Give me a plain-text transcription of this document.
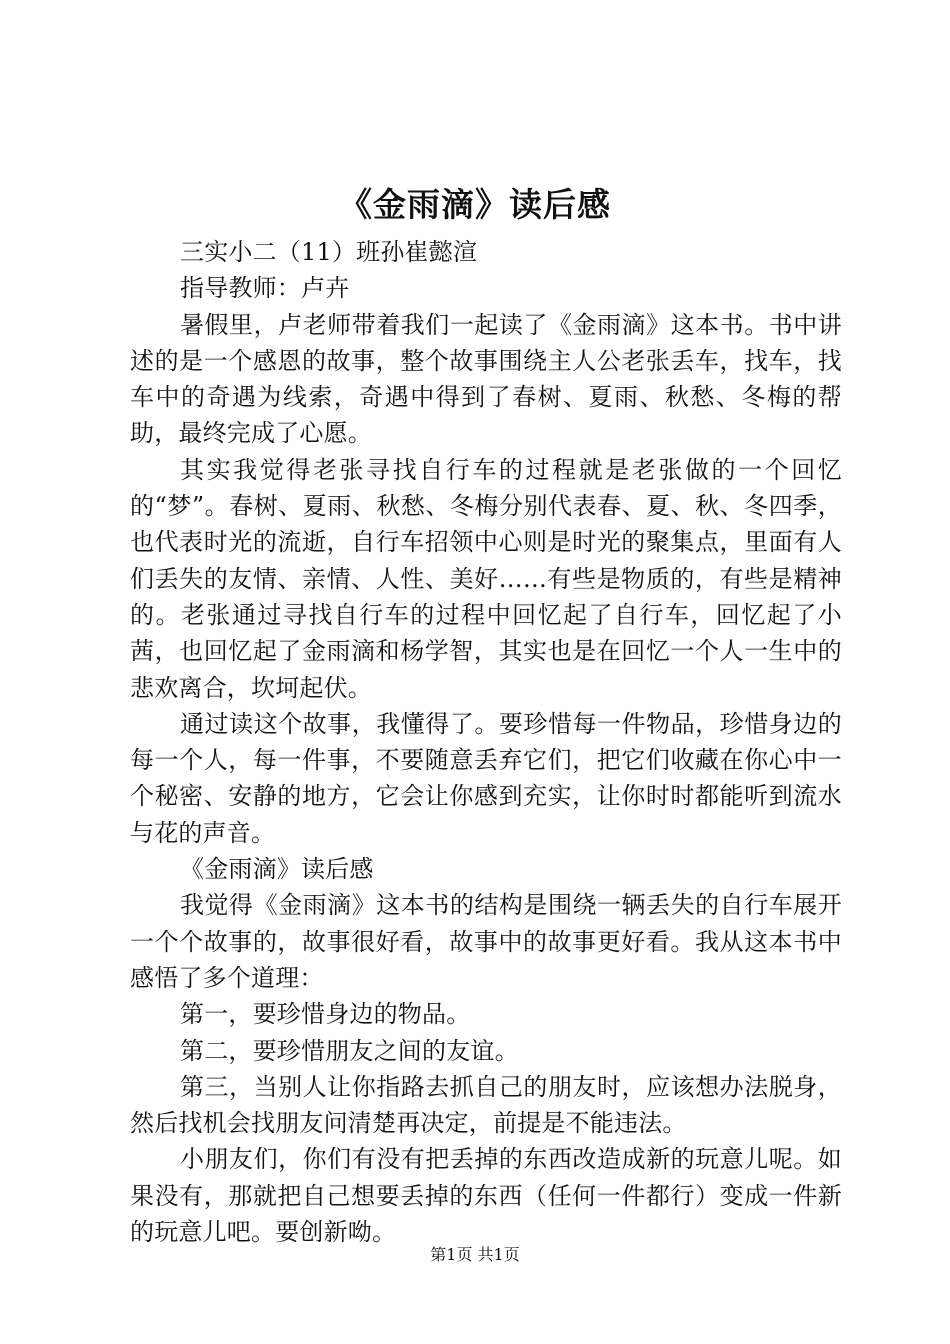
《金雨滴》读后感

三实小二（11）班孙崔懿渲

指导教师：卢卉

暑假里，卢老师带着我们一起读了《金雨滴》这本书。书中讲述的是一个感恩的故事，整个故事围绕主人公老张丢车，找车，找车中的奇遇为线索，奇遇中得到了春树、夏雨、秋愁、冬梅的帮助，最终完成了心愿。

其实我觉得老张寻找自行车的过程就是老张做的一个回忆的“梦”。春树、夏雨、秋愁、冬梅分别代表春、夏、秋、冬四季，也代表时光的流逝，自行车招领中心则是时光的聚集点，里面有人们丢失的友情、亲情、人性、美好……有些是物质的，有些是精神的。老张通过寻找自行车的过程中回忆起了自行车，回忆起了小茜，也回忆起了金雨滴和杨学智，其实也是在回忆一个人一生中的悲欢离合，坎坷起伏。

通过读这个故事，我懂得了。要珍惜每一件物品，珍惜身边的每一个人，每一件事，不要随意丢弃它们，把它们收藏在你心中一个秘密、安静的地方，它会让你感到充实，让你时时都能听到流水与花的声音。

《金雨滴》读后感

我觉得《金雨滴》这本书的结构是围绕一辆丢失的自行车展开一个个故事的，故事很好看，故事中的故事更好看。我从这本书中感悟了多个道理：

第一，要珍惜身边的物品。

第二，要珍惜朋友之间的友谊。

第三，当别人让你指路去抓自己的朋友时，应该想办法脱身，然后找机会找朋友问清楚再决定，前提是不能违法。

小朋友们，你们有没有把丢掉的东西改造成新的玩意儿呢。如果没有，那就把自己想要丢掉的东西（任何一件都行）变成一件新的玩意儿吧。要创新呦。

第1页 共1页
